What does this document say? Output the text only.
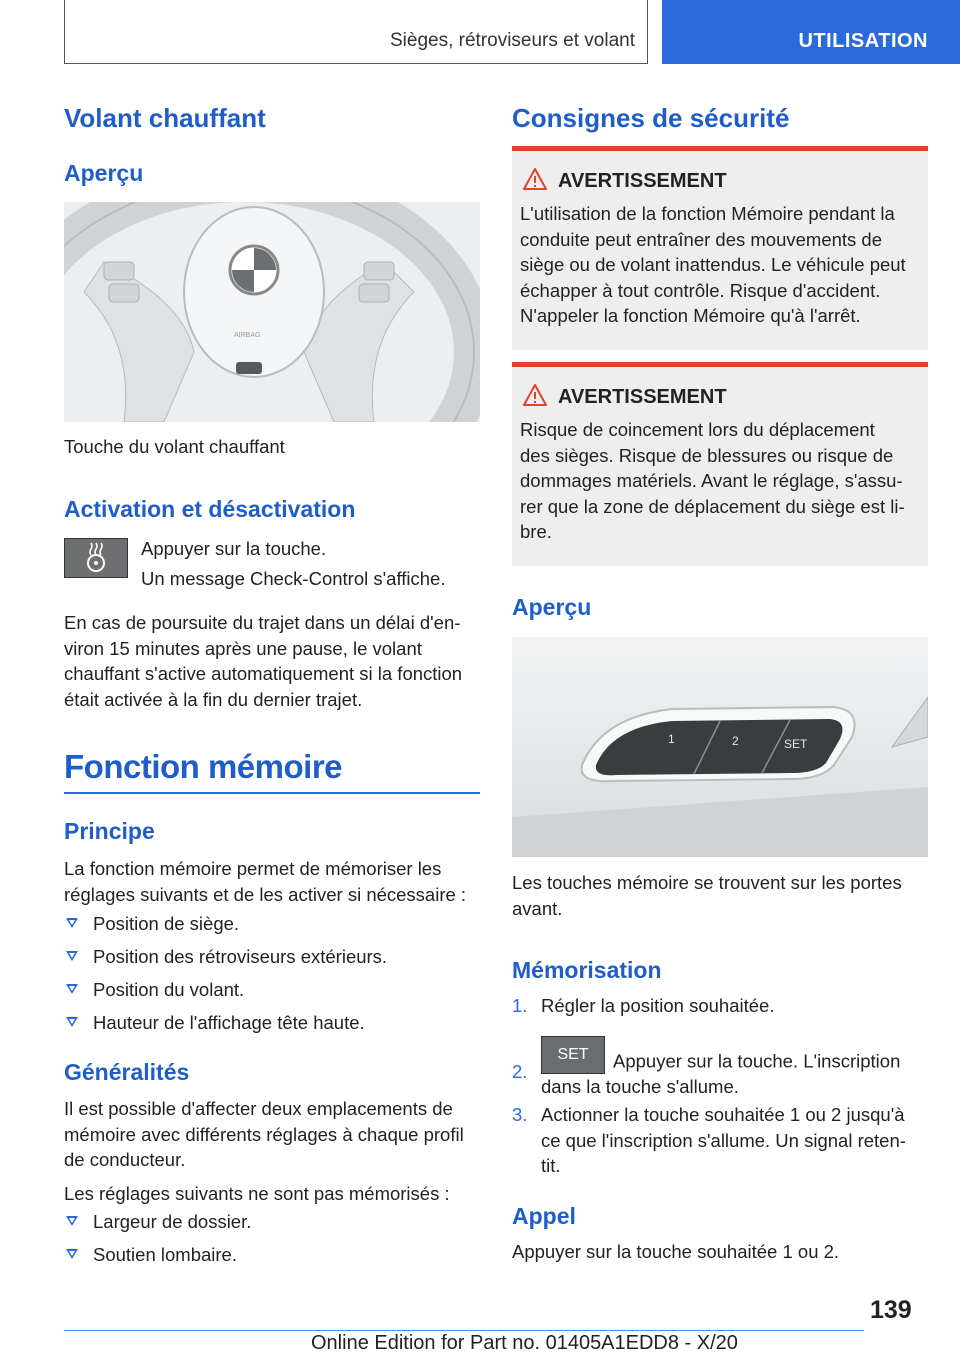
Sièges, rétroviseurs et volant	UTILISATION
Volant chauffant
Aperçu
AIRBAG
Touche du volant chauffant
Activation et désactivation
Appuyer sur la touche.
Un message Check-Control s'affiche.
En cas de poursuite du trajet dans un délai d'en-
viron 15 minutes après une pause, le volant
chauffant s'active automatiquement si la fonction
était activée à la fin du dernier trajet.
Fonction mémoire
Principe
La fonction mémoire permet de mémoriser les
réglages suivants et de les activer si nécessaire :
Position de siège.
Position des rétroviseurs extérieurs.
Position du volant.
Hauteur de l'affichage tête haute.
Généralités
Il est possible d'affecter deux emplacements de
mémoire avec différents réglages à chaque profil
de conducteur.
Les réglages suivants ne sont pas mémorisés :
Largeur de dossier.
Soutien lombaire.
Consignes de sécurité
AVERTISSEMENT
L'utilisation de la fonction Mémoire pendant la
conduite peut entraîner des mouvements de
siège ou de volant inattendus. Le véhicule peut
échapper à tout contrôle. Risque d'accident.
N'appeler la fonction Mémoire qu'à l'arrêt.
AVERTISSEMENT
Risque de coincement lors du déplacement
des sièges. Risque de blessures ou risque de
dommages matériels. Avant le réglage, s'assu-
rer que la zone de déplacement du siège est li-
bre.
Aperçu
1	2	SET
Les touches mémoire se trouvent sur les portes
avant.
Mémorisation
1. Régler la position souhaitée.
2.
SET Appuyer sur la touche. L'inscription
dans la touche s'allume.
3. Actionner la touche souhaitée 1 ou 2 jusqu'à
ce que l'inscription s'allume. Un signal reten-
tit.
Appel
Appuyer sur la touche souhaitée 1 ou 2.
139
Online Edition for Part no. 01405A1EDD8 - X/20
